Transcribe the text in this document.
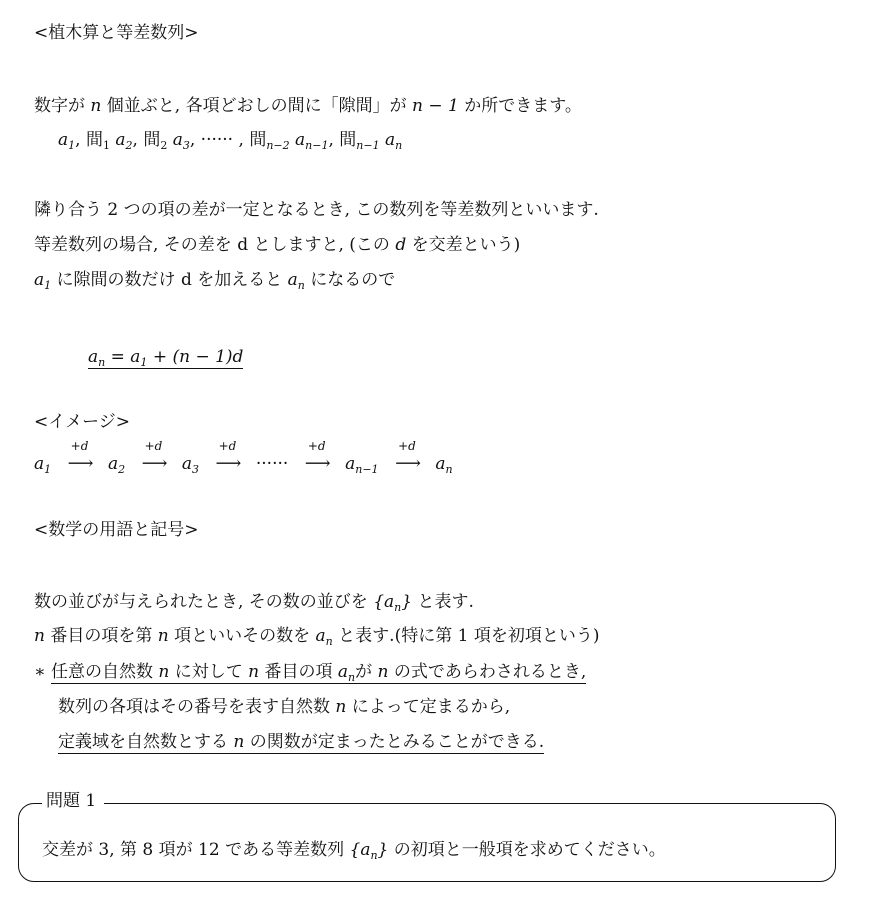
<植木算と等差数列>
数字が n 個並ぶと, 各項どおしの間に「隙間」が n − 1 か所できます。
$a_1$, 間$_1$ $a_2$, 間$_2$ $a_3$, ······ , 間$_{n-2}$ $a_{n-1}$, 間$_{n-1}$ $a_n$
隣り合う 2 つの項の差が一定となるとき, この数列を等差数列といいます.
等差数列の場合, その差を d としますと, (この d を交差という)
$a_1$ に隙間の数だけ d を加えると $a_n$ になるので
$a_n = a_1 + (n - 1)d$
<イメージ>
$a_1$
+d
⟶ $a_2$
+d
⟶ $a_3$
+d
⟶ ······
+d
⟶ $a_{n-1}$
+d
⟶ $a_n$
<数学の用語と記号>
数の並びが与えられたとき, その数の並びを $\{a_n\}$ と表す.
n 番目の項を第 n 項といいその数を $a_n$ と表す.(特に第 1 項を初項という)
∗ 任意の自然数 n に対して n 番目の項 $a_n$が n の式であらわされるとき,
数列の各項はその番号を表す自然数 n によって定まるから,
定義域を自然数とする n の関数が定まったとみることができる.
問題 1
交差が 3, 第 8 項が 12 である等差数列 $\{a_n\}$ の初項と一般項を求めてください。
